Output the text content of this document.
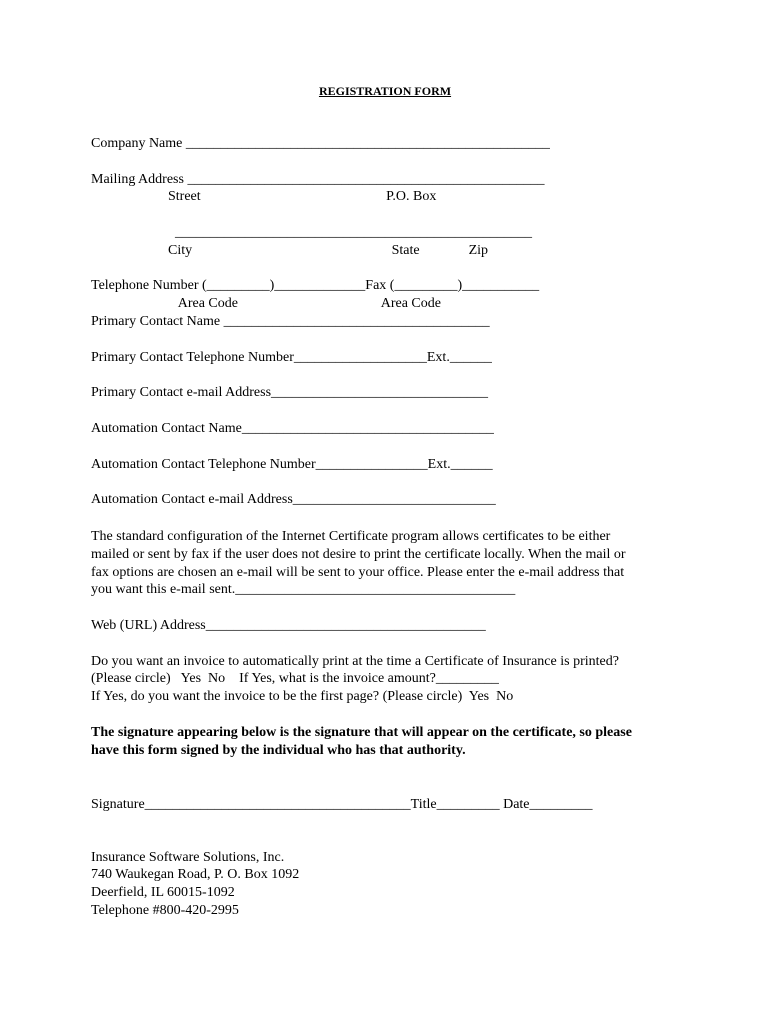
REGISTRATION FORM

Company Name ____________________________________________________

Mailing Address ___________________________________________________

Street                                                     P.O. Box

___________________________________________________

City                                                         State              Zip

Telephone Number (_________)_____________Fax (_________)___________

Area Code                                         Area Code

Primary Contact Name ______________________________________

Primary Contact Telephone Number___________________Ext.______

Primary Contact e-mail Address_______________________________

Automation Contact Name____________________________________

Automation Contact Telephone Number________________Ext.______

Automation Contact e-mail Address_____________________________

The standard configuration of the Internet Certificate program allows certificates to be either

mailed or sent by fax if the user does not desire to print the certificate locally. When the mail or

fax options are chosen an e-mail will be sent to your office. Please enter the e-mail address that

you want this e-mail sent.________________________________________

Web (URL) Address________________________________________

Do you want an invoice to automatically print at the time a Certificate of Insurance is printed?

(Please circle)   Yes  No    If Yes, what is the invoice amount?_________

If Yes, do you want the invoice to be the first page? (Please circle)  Yes  No

The signature appearing below is the signature that will appear on the certificate, so please

have this form signed by the individual who has that authority.

Signature______________________________________Title_________ Date_________

Insurance Software Solutions, Inc.

740 Waukegan Road, P. O. Box 1092

Deerfield, IL 60015-1092

Telephone #800-420-2995
